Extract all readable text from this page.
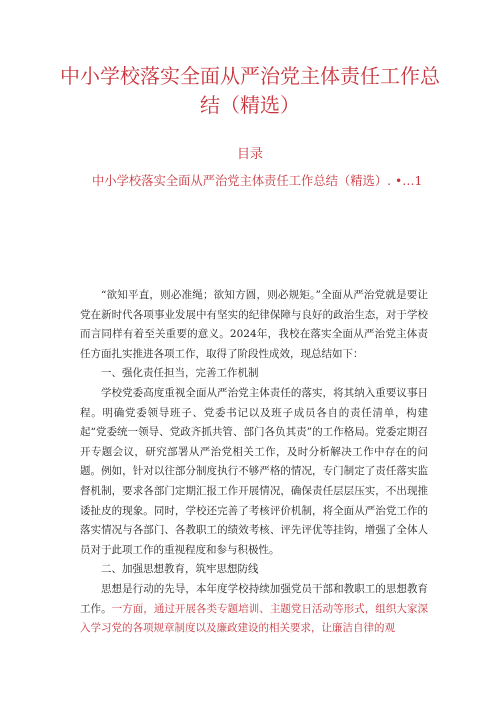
中小学校落实全面从严治党主体责任工作总结（精选）
目录
中小学校落实全面从严治党主体责任工作总结（精选）. •…1

“欲知平直，则必准绳；欲知方圆，则必规矩。”全面从严治党就是要让党在新时代各项事业发展中有坚实的纪律保障与良好的政治生态，对于学校而言同样有着至关重要的意义。2024年，我校在落实全面从严治党主体责任方面扎实推进各项工作，取得了阶段性成效，现总结如下：

一、强化责任担当，完善工作机制

学校党委高度重视全面从严治党主体责任的落实，将其纳入重要议事日程。明确党委领导班子、党委书记以及班子成员各自的责任清单，构建起“党委统一领导、党政齐抓共管、部门各负其责”的工作格局。党委定期召开专题会议，研究部署从严治党相关工作，及时分析解决工作中存在的问题。例如，针对以往部分制度执行不够严格的情况，专门制定了责任落实监督机制，要求各部门定期汇报工作开展情况，确保责任层层压实，不出现推诿扯皮的现象。同时，学校还完善了考核评价机制，将全面从严治党工作的落实情况与各部门、各教职工的绩效考核、评先评优等挂钩，增强了全体人员对于此项工作的重视程度和参与积极性。

二、加强思想教育，筑牢思想防线

思想是行动的先导，本年度学校持续加强党员干部和教职工的思想教育工作。一方面，通过开展各类专题培训、主题党日活动等形式，组织大家深入学习党的各项规章制度以及廉政建设的相关要求，让廉洁自律的观
